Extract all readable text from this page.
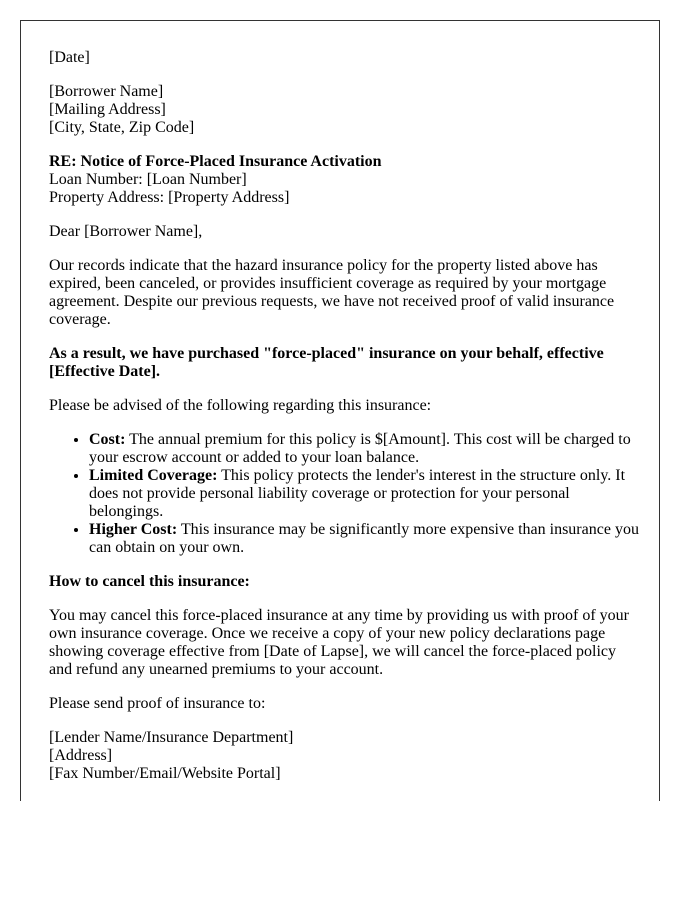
[Date]

[Borrower Name]
[Mailing Address]
[City, State, Zip Code]

RE: Notice of Force-Placed Insurance Activation
Loan Number: [Loan Number]
Property Address: [Property Address]

Dear [Borrower Name],

Our records indicate that the hazard insurance policy for the property listed above has expired, been canceled, or provides insufficient coverage as required by your mortgage agreement. Despite our previous requests, we have not received proof of valid insurance coverage.

As a result, we have purchased "force-placed" insurance on your behalf, effective [Effective Date].

Please be advised of the following regarding this insurance:

• Cost: The annual premium for this policy is $[Amount]. This cost will be charged to your escrow account or added to your loan balance.
• Limited Coverage: This policy protects the lender's interest in the structure only. It does not provide personal liability coverage or protection for your personal belongings.
• Higher Cost: This insurance may be significantly more expensive than insurance you can obtain on your own.

How to cancel this insurance:

You may cancel this force-placed insurance at any time by providing us with proof of your own insurance coverage. Once we receive a copy of your new policy declarations page showing coverage effective from [Date of Lapse], we will cancel the force-placed policy and refund any unearned premiums to your account.

Please send proof of insurance to:

[Lender Name/Insurance Department]
[Address]
[Fax Number/Email/Website Portal]
